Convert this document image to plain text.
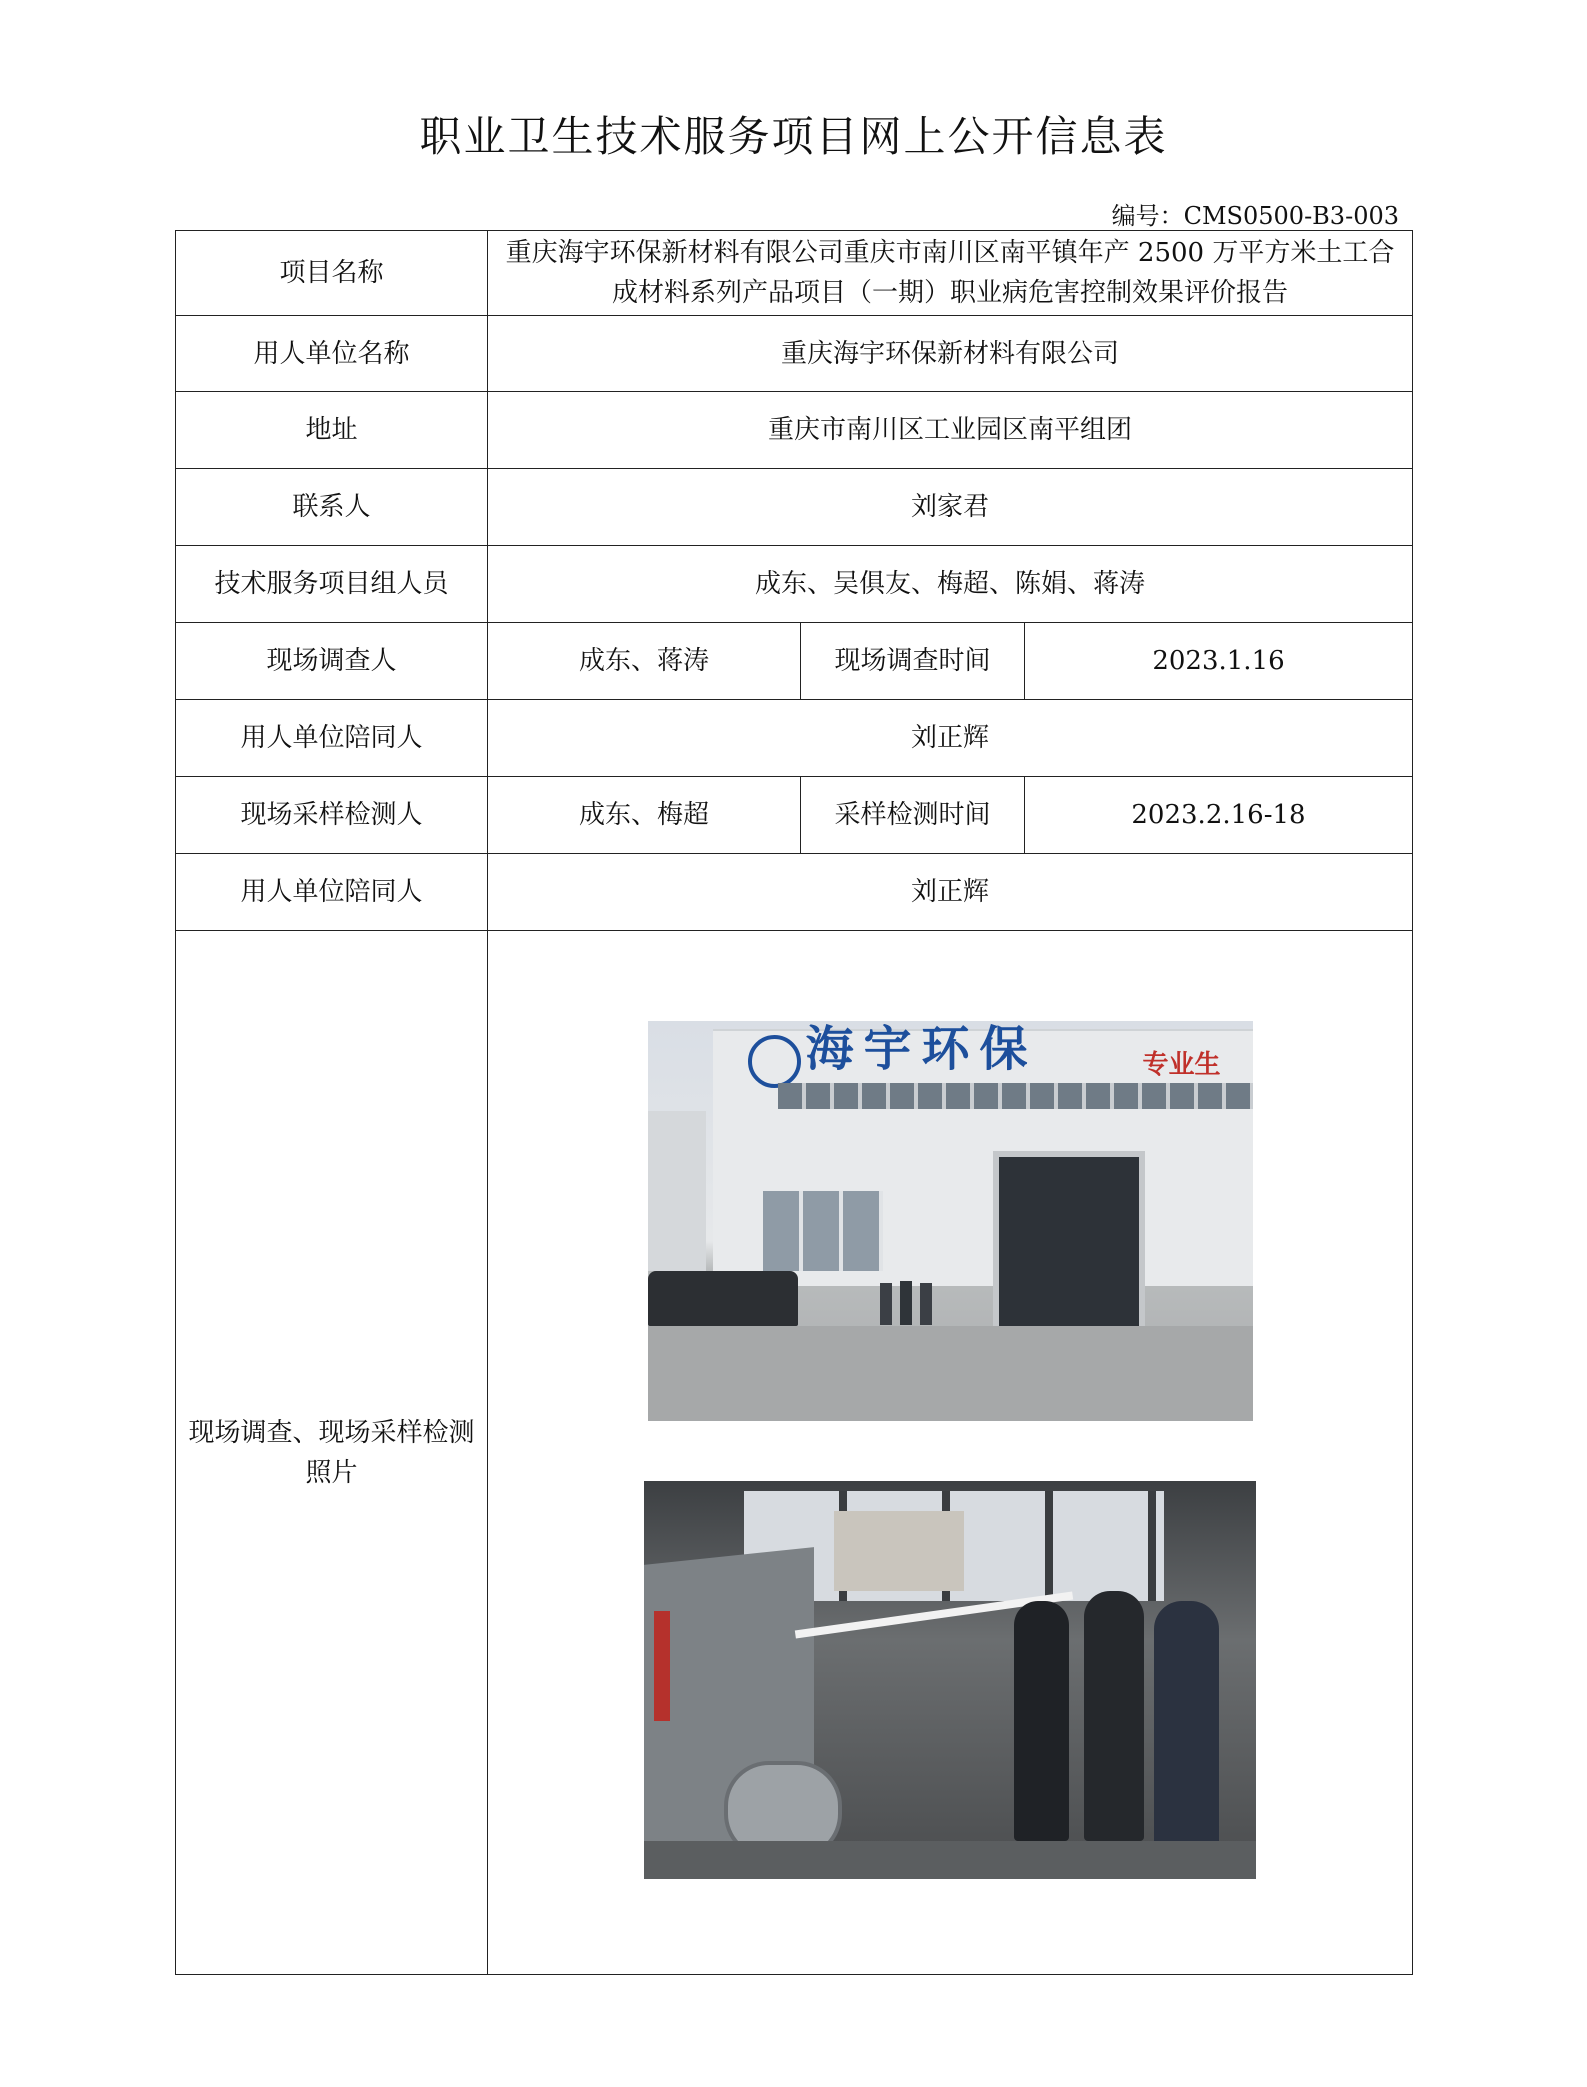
职业卫生技术服务项目网上公开信息表
编号：CMS0500-B3-003
项目名称	重庆海宇环保新材料有限公司重庆市南川区南平镇年产 2500 万平方米土工合成材料系列产品项目（一期）职业病危害控制效果评价报告		
用人单位名称	重庆海宇环保新材料有限公司		
地址	重庆市南川区工业园区南平组团		
联系人	刘家君		
技术服务项目组人员	成东、吴俱友、梅超、陈娟、蒋涛		
现场调查人	成东、蒋涛	现场调查时间	2023.1.16
用人单位陪同人	刘正辉		
现场采样检测人	成东、梅超	采样检测时间	2023.2.16-18
用人单位陪同人	刘正辉		
现场调查、现场采样检测照片	海宇环保 专业生		
